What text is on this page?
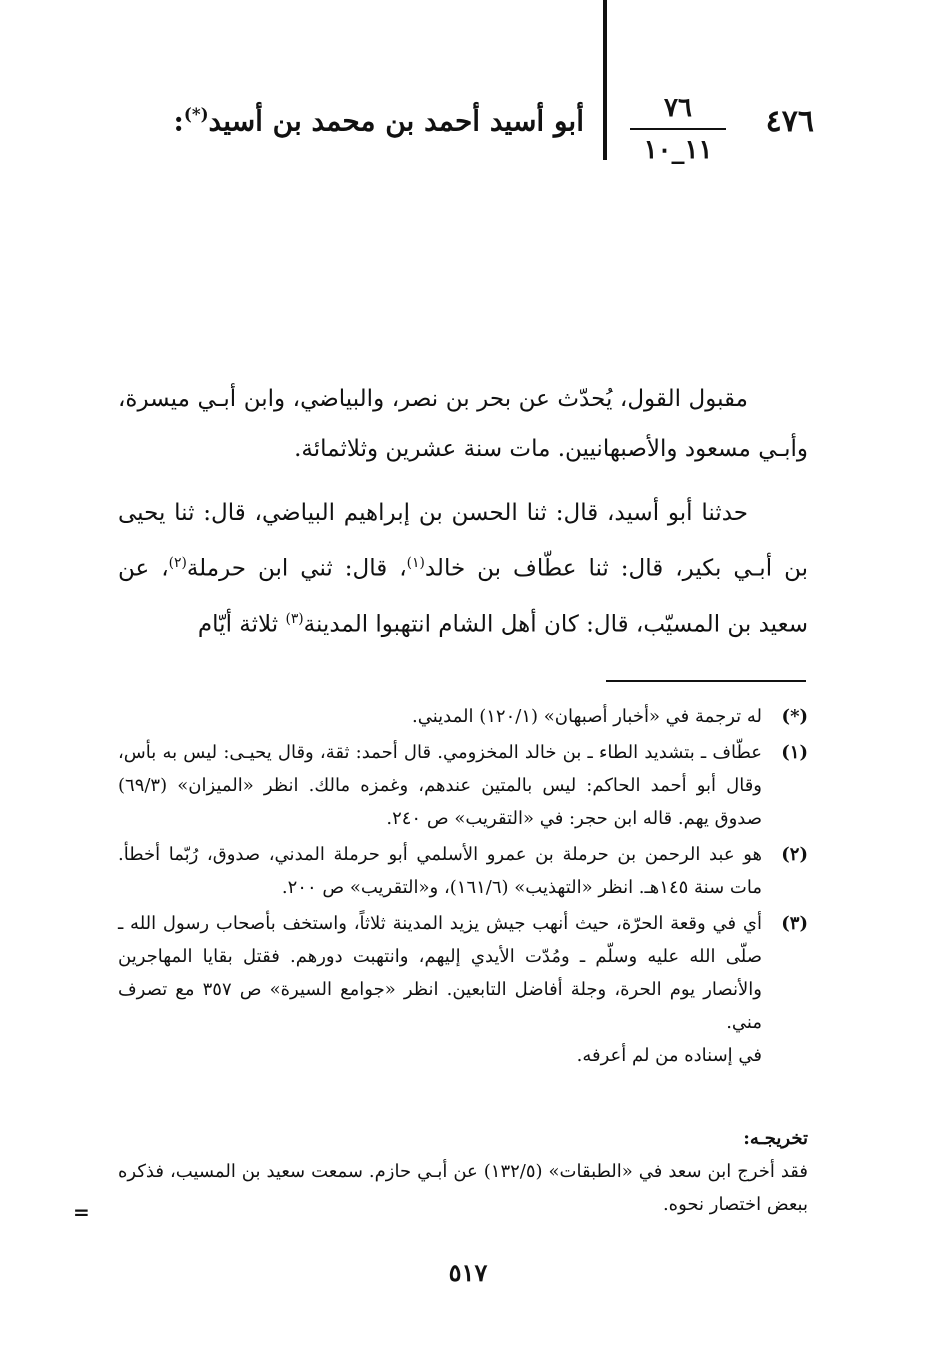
٤٧٦
٧٦
١١_١٠
أبو أسيد أحمد بن محمد بن أسيد(*):

مقبول القول، يُحدّث عن بحر بن نصر، والبياضي، وابن أبـي ميسرة، وأبـي مسعود والأصبهانيين. مات سنة عشرين وثلاثمائة.

حدثنا أبو أسيد، قال: ثنا الحسن بن إبراهيم البياضي، قال: ثنا يحيى بن أبـي بكير، قال: ثنا عطّاف بن خالد$^{(١)}$، قال: ثني ابن حرملة$^{(٢)}$، عن سعيد بن المسيّب، قال: كان أهل الشام انتهبوا المدينة$^{(٣)}$ ثلاثة أيّام

(*)
له ترجمة في «أخبار أصبهان» (١٢٠/١) المديني.
(١)
عطّاف ـ بتشديد الطاء ـ بن خالد المخزومي. قال أحمد: ثقة، وقال يحيـى: ليس به بأس، وقال أبو أحمد الحاكم: ليس بالمتين عندهم، وغمزه مالك. انظر «الميزان» (٦٩/٣) صدوق يهم. قاله ابن حجر: في «التقريب» ص ٢٤٠.
(٢)
هو عبد الرحمن بن حرملة بن عمرو الأسلمي أبو حرملة المدني، صدوق، رُبّما أخطأ. مات سنة ١٤٥هـ. انظر «التهذيب» (١٦١/٦)، و«التقريب» ص ٢٠٠.
(٣)
أي في وقعة الحرّة، حيث أنهب جيش يزيد المدينة ثلاثاً، واستخف بأصحاب رسول الله ـ صلّى الله عليه وسلّم ـ ومُدّت الأيدي إليهم، وانتهبت دورهم. فقتل بقايا المهاجرين والأنصار يوم الحرة، وجلة أفاضل التابعين. انظر «جوامع السيرة» ص ٣٥٧ مع تصرف مني.
في إسناده من لم أعرفه.
تخريجـه:
فقد أخرج ابن سعد في «الطبقات» (١٣٢/٥) عن أبـي حازم. سمعت سعيد بن المسيب، فذكره ببعض اختصار نحوه.
=
٥١٧
